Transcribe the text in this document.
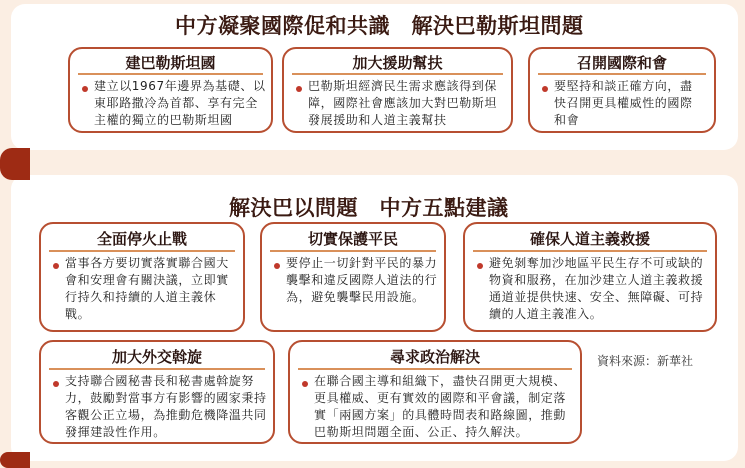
中方凝聚國際促和共識　解決巴勒斯坦問題
建巴勒斯坦國

建立以1967年邊界為基礎、以東耶路撒冷為首都、享有完全主權的獨立的巴勒斯坦國

加大援助幫扶

巴勒斯坦經濟民生需求應該得到保障，國際社會應該加大對巴勒斯坦發展援助和人道主義幫扶

召開國際和會

要堅持和談正確方向，盡快召開更具權威性的國際和會

解決巴以問題　中方五點建議
全面停火止戰

當事各方要切實落實聯合國大會和安理會有關決議，立即實行持久和持續的人道主義休戰。

切實保護平民

要停止一切針對平民的暴力襲擊和違反國際人道法的行為，避免襲擊民用設施。

確保人道主義救援

避免剝奪加沙地區平民生存不可或缺的物資和服務，在加沙建立人道主義救援通道並提供快速、安全、無障礙、可持續的人道主義准入。

加大外交斡旋

支持聯合國秘書長和秘書處斡旋努力，鼓勵對當事方有影響的國家秉持客觀公正立場，為推動危機降溫共同發揮建設性作用。

尋求政治解決

在聯合國主導和組織下，盡快召開更大規模、更具權威、更有實效的國際和平會議，制定落實「兩國方案」的具體時間表和路線圖，推動巴勒斯坦問題全面、公正、持久解決。

資料來源：新華社
